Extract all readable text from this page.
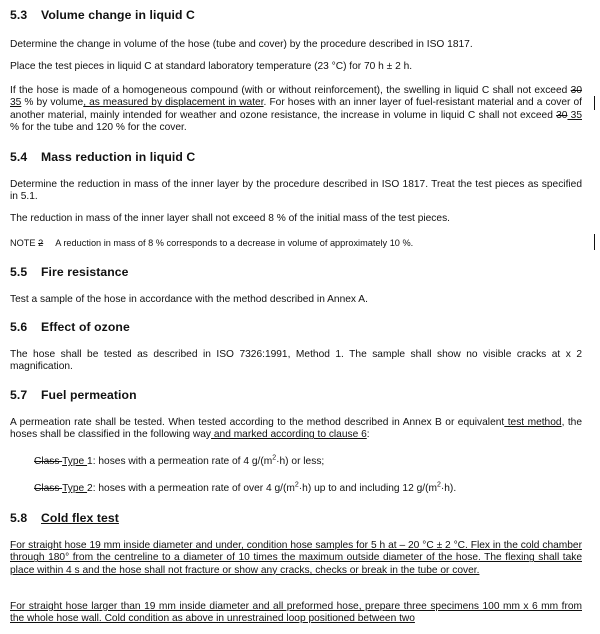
5.3 Volume change in liquid C

Determine the change in volume of the hose (tube and cover) by the procedure described in ISO 1817.

Place the test pieces in liquid C at standard laboratory temperature (23 °C) for 70 h ± 2 h.

If the hose is made of a homogeneous compound (with or without reinforcement), the swelling in liquid C shall not exceed 30 35 % by volume, as measured by displacement in water. For hoses with an inner layer of fuel-resistant material and a cover of another material, mainly intended for weather and ozone resistance, the increase in volume in liquid C shall not exceed 30 35 % for the tube and 120 % for the cover.

5.4 Mass reduction in liquid C

Determine the reduction in mass of the inner layer by the procedure described in ISO 1817. Treat the test pieces as specified in 5.1.

The reduction in mass of the inner layer shall not exceed 8 % of the initial mass of the test pieces.

NOTE 2 A reduction in mass of 8 % corresponds to a decrease in volume of approximately 10 %.

5.5 Fire resistance

Test a sample of the hose in accordance with the method described in Annex A.

5.6 Effect of ozone

The hose shall be tested as described in ISO 7326:1991, Method 1. The sample shall show no visible cracks at x 2 magnification.

5.7 Fuel permeation

A permeation rate shall be tested. When tested according to the method described in Annex B or equivalent test method, the hoses shall be classified in the following way and marked according to clause 6:

Class Type 1: hoses with a permeation rate of 4 $g/(m^2\cdot h)$ or less;

Class Type 2: hoses with a permeation rate of over 4 $g/(m^2\cdot h)$ up to and including 12 $g/(m^2\cdot h)$.

5.8 Cold flex test

For straight hose 19 mm inside diameter and under, condition hose samples for 5 h at – 20 °C ± 2 °C. Flex in the cold chamber through 180° from the centreline to a diameter of 10 times the maximum outside diameter of the hose. The flexing shall take place within 4 s and the hose shall not fracture or show any cracks, checks or break in the tube or cover.

For straight hose larger than 19 mm inside diameter and all preformed hose, prepare three specimens 100 mm x 6 mm from the whole hose wall. Cold condition as above in unrestrained loop positioned between two
